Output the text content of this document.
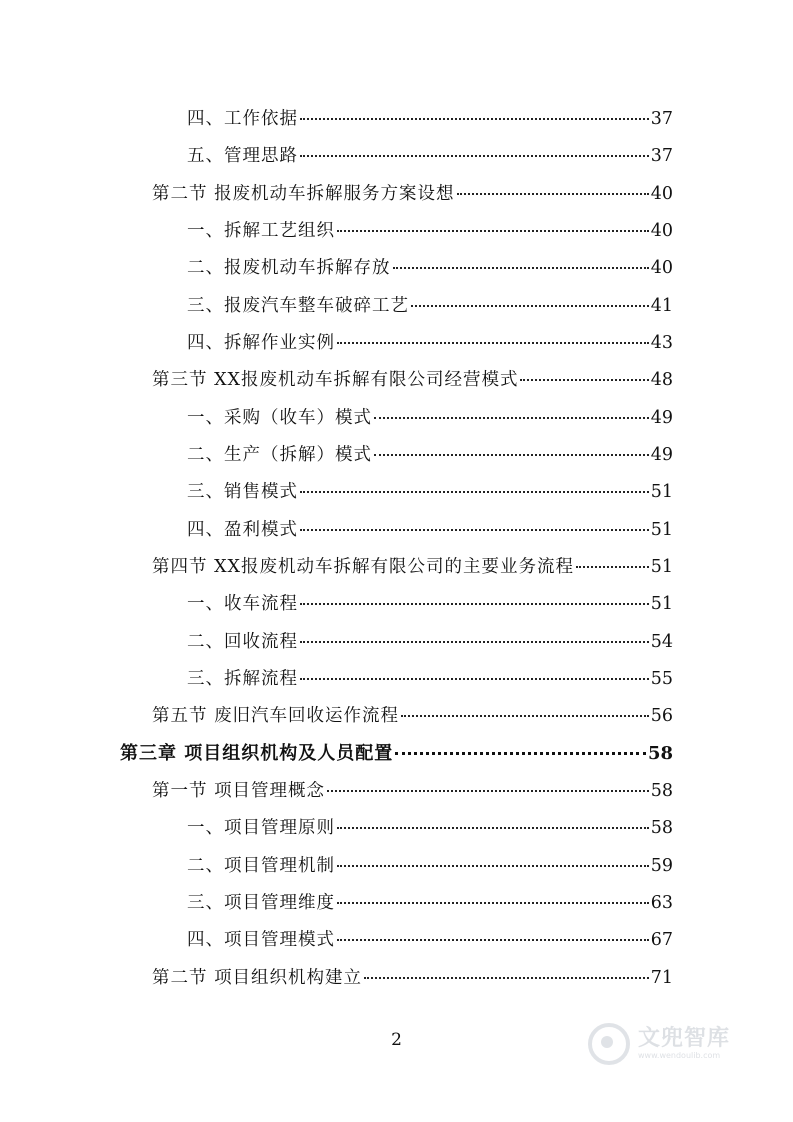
四、工作依据	37
五、管理思路	37
第二节 报废机动车拆解服务方案设想	40
一、拆解工艺组织	40
二、报废机动车拆解存放	40
三、报废汽车整车破碎工艺	41
四、拆解作业实例	43
第三节 XX报废机动车拆解有限公司经营模式	48
一、采购（收车）模式	49
二、生产（拆解）模式	49
三、销售模式	51
四、盈利模式	51
第四节 XX报废机动车拆解有限公司的主要业务流程	51
一、收车流程	51
二、回收流程	54
三、拆解流程	55
第五节 废旧汽车回收运作流程	56
第三章 项目组织机构及人员配置	58
第一节 项目管理概念	58
一、项目管理原则	58
二、项目管理机制	59
三、项目管理维度	63
四、项目管理模式	67
第二节 项目组织机构建立	71
2	文兜智库
www.wendoulib.com
